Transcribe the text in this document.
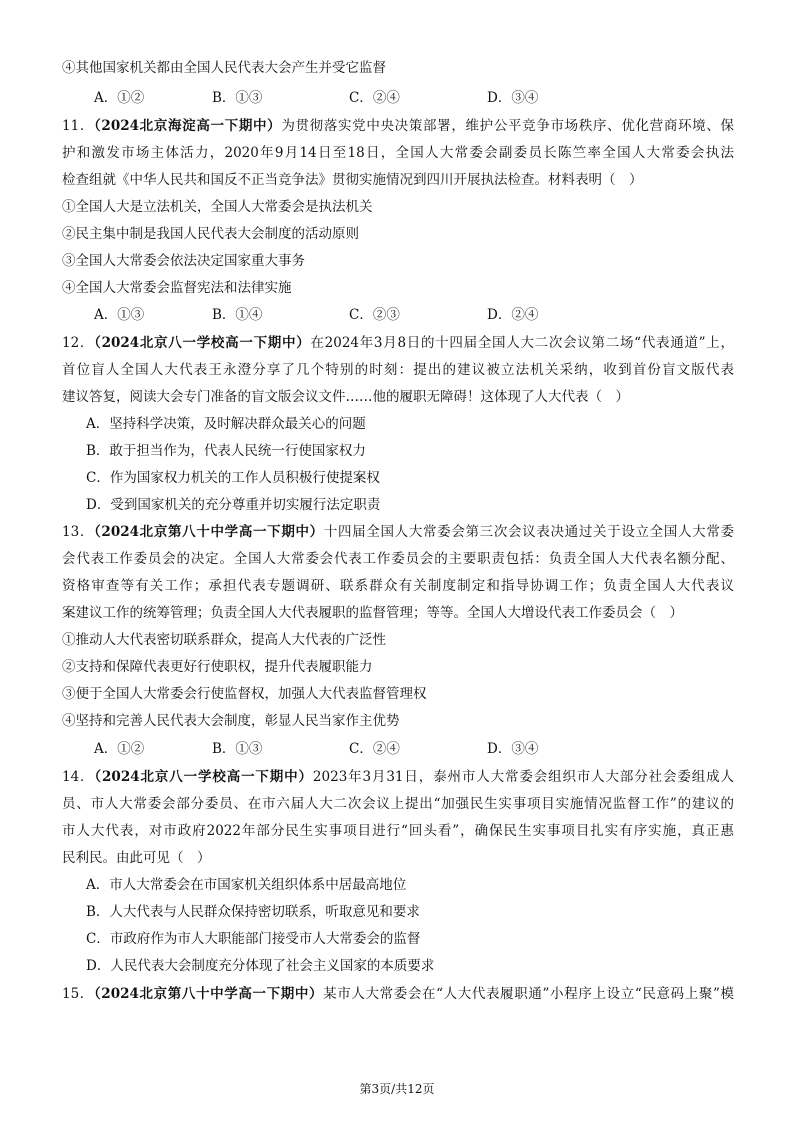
④其他国家机关都由全国人民代表大会产生并受它监督
A．①②	B．①③	C．②④	D．③④
11．（2024北京海淀高一下期中）为贯彻落实党中央决策部署，维护公平竞争市场秩序、优化营商环境、保
护和激发市场主体活力，2020年9月14日至18日，全国人大常委会副委员长陈竺率全国人大常委会执法
检查组就《中华人民共和国反不正当竞争法》贯彻实施情况到四川开展执法检查。材料表明（　）
①全国人大是立法机关，全国人大常委会是执法机关
②民主集中制是我国人民代表大会制度的活动原则
③全国人大常委会依法决定国家重大事务
④全国人大常委会监督宪法和法律实施
A．①③	B．①④	C．②③	D．②④
12．（2024北京八一学校高一下期中）在2024年3月8日的十四届全国人大二次会议第二场“代表通道”上，
首位盲人全国人大代表王永澄分享了几个特别的时刻：提出的建议被立法机关采纳，收到首份盲文版代表
建议答复，阅读大会专门准备的盲文版会议文件……他的履职无障碍！这体现了人大代表（　）
A．坚持科学决策，及时解决群众最关心的问题
B．敢于担当作为，代表人民统一行使国家权力
C．作为国家权力机关的工作人员积极行使提案权
D．受到国家机关的充分尊重并切实履行法定职责
13．（2024北京第八十中学高一下期中）十四届全国人大常委会第三次会议表决通过关于设立全国人大常委
会代表工作委员会的决定。全国人大常委会代表工作委员会的主要职责包括：负责全国人大代表名额分配、
资格审查等有关工作；承担代表专题调研、联系群众有关制度制定和指导协调工作；负责全国人大代表议
案建议工作的统筹管理；负责全国人大代表履职的监督管理；等等。全国人大增设代表工作委员会（　）
①推动人大代表密切联系群众，提高人大代表的广泛性
②支持和保障代表更好行使职权，提升代表履职能力
③便于全国人大常委会行使监督权，加强人大代表监督管理权
④坚持和完善人民代表大会制度，彰显人民当家作主优势
A．①②	B．①③	C．②④	D．③④
14．（2024北京八一学校高一下期中）2023年3月31日，泰州市人大常委会组织市人大部分社会委组成人
员、市人大常委会部分委员、在市六届人大二次会议上提出“加强民生实事项目实施情况监督工作”的建议的
市人大代表，对市政府2022年部分民生实事项目进行“回头看”，确保民生实事项目扎实有序实施，真正惠
民利民。由此可见（　）
A．市人大常委会在市国家机关组织体系中居最高地位
B．人大代表与人民群众保持密切联系，听取意见和要求
C．市政府作为市人大职能部门接受市人大常委会的监督
D．人民代表大会制度充分体现了社会主义国家的本质要求
15．（2024北京第八十中学高一下期中）某市人大常委会在“人大代表履职通”小程序上设立“民意码上聚”模
第3页/共12页
